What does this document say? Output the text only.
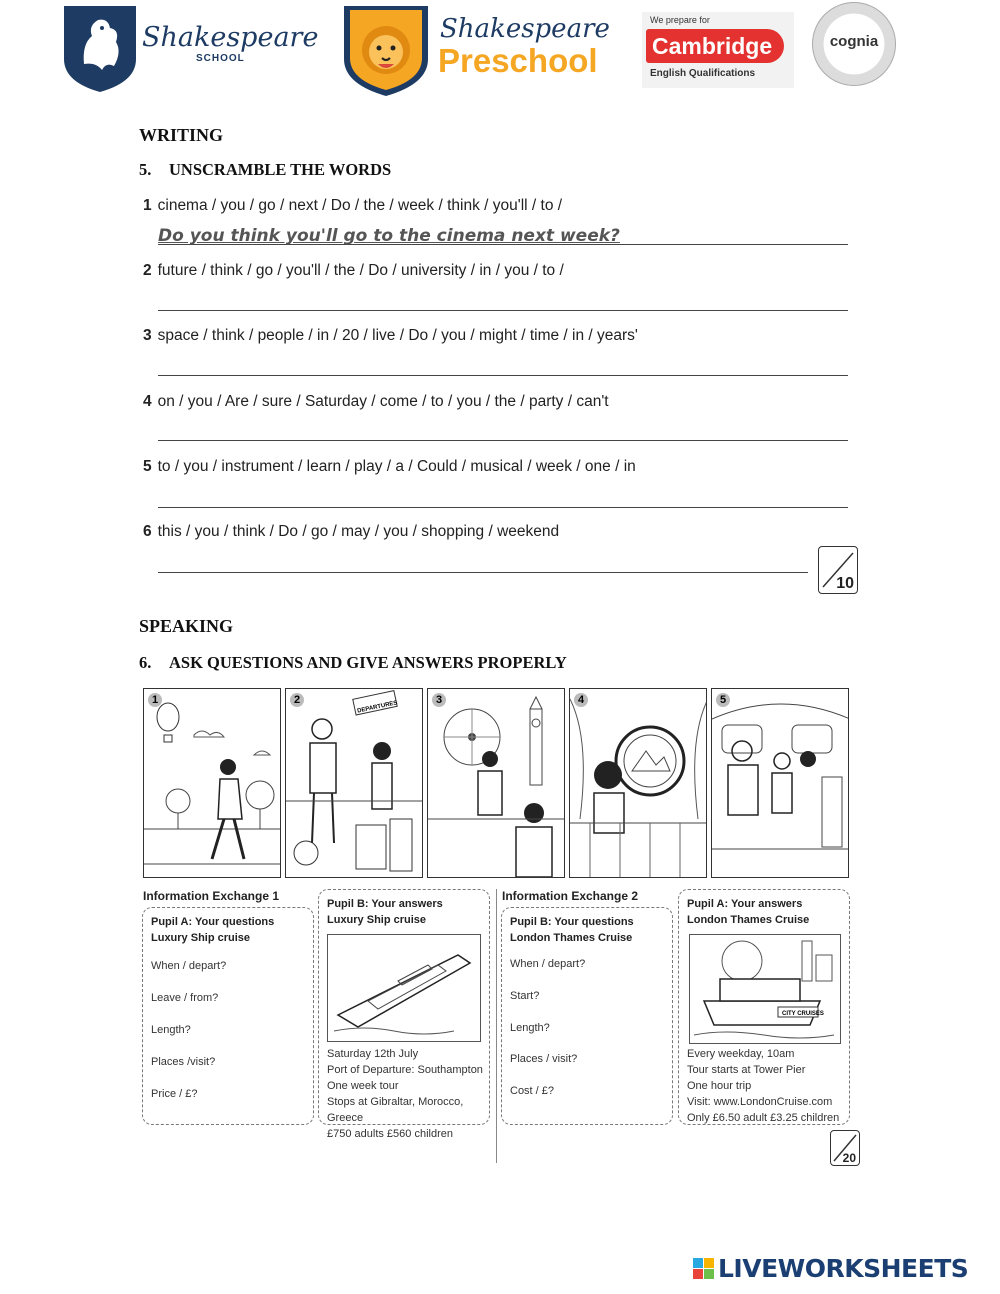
Shakespeare
SCHOOL
Shakespeare
Preschool
We prepare for
Cambridge
English Qualifications
cognia
WRITING
5. UNSCRAMBLE THE WORDS
1 cinema / you / go / next / Do / the / week / think / you'll / to /
Do you think you'll go to the cinema next week?
2 future / think / go / you'll / the / Do / university / in / you / to /
3 space / think / people / in / 20 / live / Do / you / might / time / in / years'
4 on / you / Are / sure / Saturday / come / to / you / the / party / can't
5 to / you / instrument / learn / play / a / Could / musical / week / one / in
6 this / you / think / Do / go / may / you / shopping / weekend
10
SPEAKING
6. ASK QUESTIONS AND GIVE ANSWERS PROPERLY
1	2
DEPARTURES
3	4	5
Information Exchange 1
Pupil A: Your questions
Luxury Ship cruise
When / depart?
Leave / from?
Length?
Places /visit?
Price / £?
Pupil B: Your answers
Luxury Ship cruise
Saturday 12th July
Port of Departure: Southampton
One week tour
Stops at Gibraltar, Morocco, Greece
£750 adults £560 children
Information Exchange 2
Pupil B: Your questions
London Thames Cruise
When / depart?
Start?
Length?
Places / visit?
Cost / £?
Pupil A: Your answers
London Thames Cruise
CITY CRUISES
Every weekday, 10am
Tour starts at Tower Pier
One hour trip
Visit: www.LondonCruise.com
Only £6.50 adult £3.25 children
20
LIVEWORKSHEETS
